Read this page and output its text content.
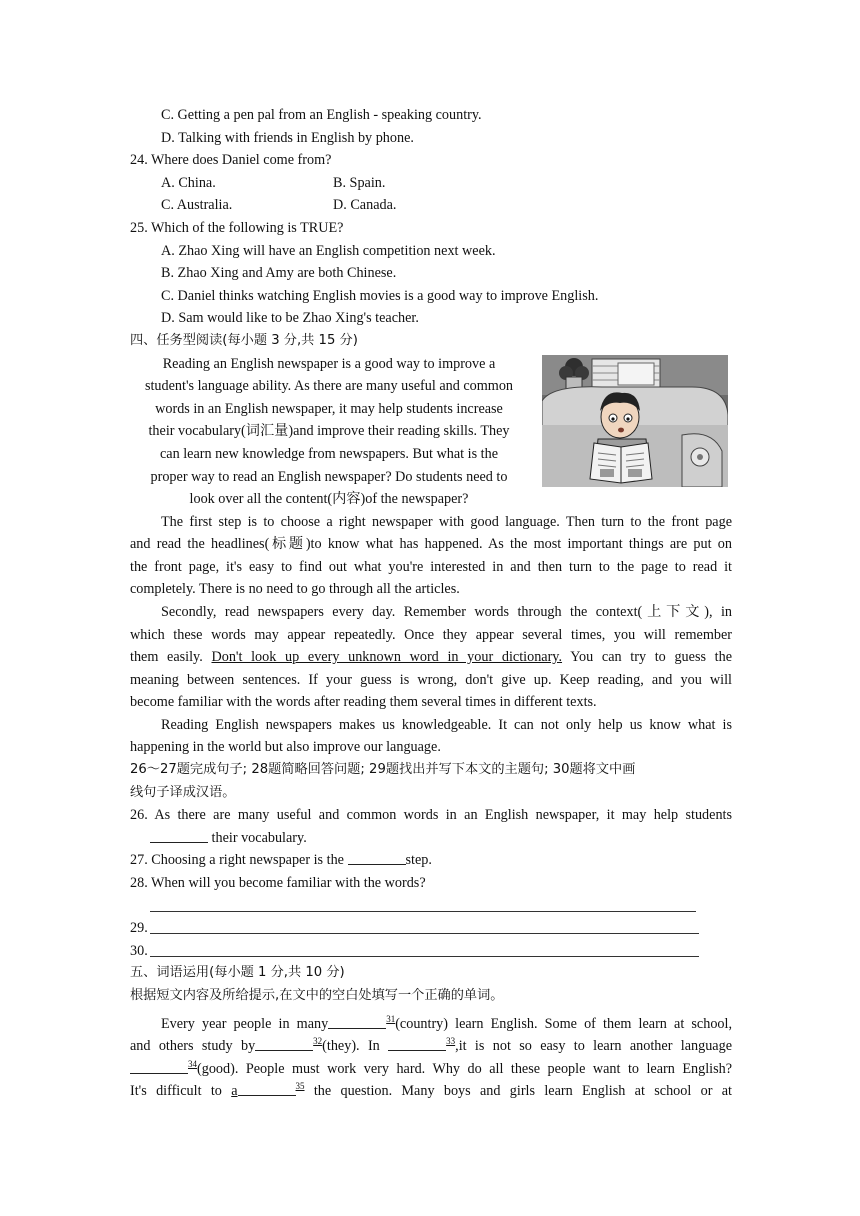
C. Getting a pen pal from an English - speaking country.
D. Talking with friends in English by phone.
24. Where does Daniel come from?
A. China.	B. Spain.
C. Australia.	D. Canada.
25. Which of the following is TRUE?
A. Zhao Xing will have an English competition next week.
B. Zhao Xing and Amy are both Chinese.
C. Daniel thinks watching English movies is a good way to improve English.
D. Sam would like to be Zhao Xing's teacher.
四、任务型阅读(每小题 3 分,共 15 分)
Reading an English newspaper is a good way to improve a
student's language ability. As there are many useful and common
words in an English newspaper, it may help students increase
their vocabulary(词汇量)and improve their reading skills. They
can learn new knowledge from newspapers. But what is the
proper way to read an English newspaper? Do students need to
look over all the content(内容)of the newspaper?
The first step is to choose a right newspaper with good language. Then turn to the front page
and read the headlines(标题)to know what has happened. As the most important things are put on
the front page, it's easy to find out what you're interested in and then turn to the page to read it
completely. There is no need to go through all the articles.
Secondly, read newspapers every day. Remember words through the context(上下文), in
which these words may appear repeatedly. Once they appear several times, you will remember
them easily. Don't look up every unknown word in your dictionary. You can try to guess the
meaning between sentences. If your guess is wrong, don't give up. Keep reading, and you will
become familiar with the words after reading them several times in different texts.
Reading English newspapers makes us knowledgeable. It can not only help us know what is
happening in the world but also improve our language.
26～27题完成句子; 28题简略回答问题; 29题找出并写下本文的主题句; 30题将文中画
线句子译成汉语。
26. As there are many useful and common words in an English newspaper, it may help students
their vocabulary.
27. Choosing a right newspaper is the	step.
28. When will you become familiar with the words?
29.
30.
五、词语运用(每小题 1 分,共 10 分)
根据短文内容及所给提示,在文中的空白处填写一个正确的单词。
Every year people in many	$^{31}$(country) learn English. Some of them learn at school,
and others study by	$^{32}$(they). In	$^{33}$,it is not so easy to learn another language
$^{34}$(good). People must work very hard. Why do all these people want to learn English?
It's difficult to a	$^{35}$ the question. Many boys and girls learn English at school or at
